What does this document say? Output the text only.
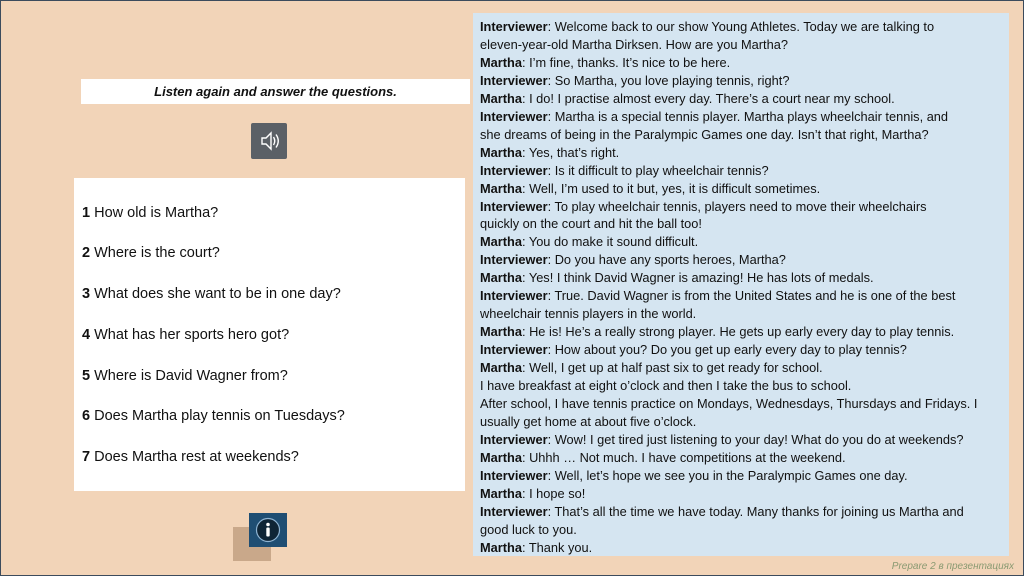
Listen again and answer the questions.
1 How old is Martha?
2 Where is the court?
3 What does she want to be in one day?
4 What has her sports hero got?
5 Where is David Wagner from?
6 Does Martha play tennis on Tuesdays?
7 Does Martha rest at weekends?
Interviewer: Welcome back to our show Young Athletes. Today we are talking to
eleven-year-old Martha Dirksen. How are you Martha?
Martha: I’m fine, thanks. It’s nice to be here.
Interviewer: So Martha, you love playing tennis, right?
Martha: I do! I practise almost every day. There’s a court near my school.
Interviewer: Martha is a special tennis player. Martha plays wheelchair tennis, and
she dreams of being in the Paralympic Games one day. Isn’t that right, Martha?
Martha: Yes, that’s right.
Interviewer: Is it difficult to play wheelchair tennis?
Martha: Well, I’m used to it but, yes, it is difficult sometimes.
Interviewer: To play wheelchair tennis, players need to move their wheelchairs
quickly on the court and hit the ball too!
Martha: You do make it sound difficult.
Interviewer: Do you have any sports heroes, Martha?
Martha: Yes! I think David Wagner is amazing! He has lots of medals.
Interviewer: True. David Wagner is from the United States and he is one of the best
wheelchair tennis players in the world.
Martha: He is! He’s a really strong player. He gets up early every day to play tennis.
Interviewer: How about you? Do you get up early every day to play tennis?
Martha: Well, I get up at half past six to get ready for school.
I have breakfast at eight o’clock and then I take the bus to school.
After school, I have tennis practice on Mondays, Wednesdays, Thursdays and Fridays. I
usually get home at about five o’clock.
Interviewer: Wow! I get tired just listening to your day! What do you do at weekends?
Martha: Uhhh … Not much. I have competitions at the weekend.
Interviewer: Well, let’s hope we see you in the Paralympic Games one day.
Martha: I hope so!
Interviewer: That’s all the time we have today. Many thanks for joining us Martha and
good luck to you.
Martha: Thank you.
Prepare 2 в презентациях
